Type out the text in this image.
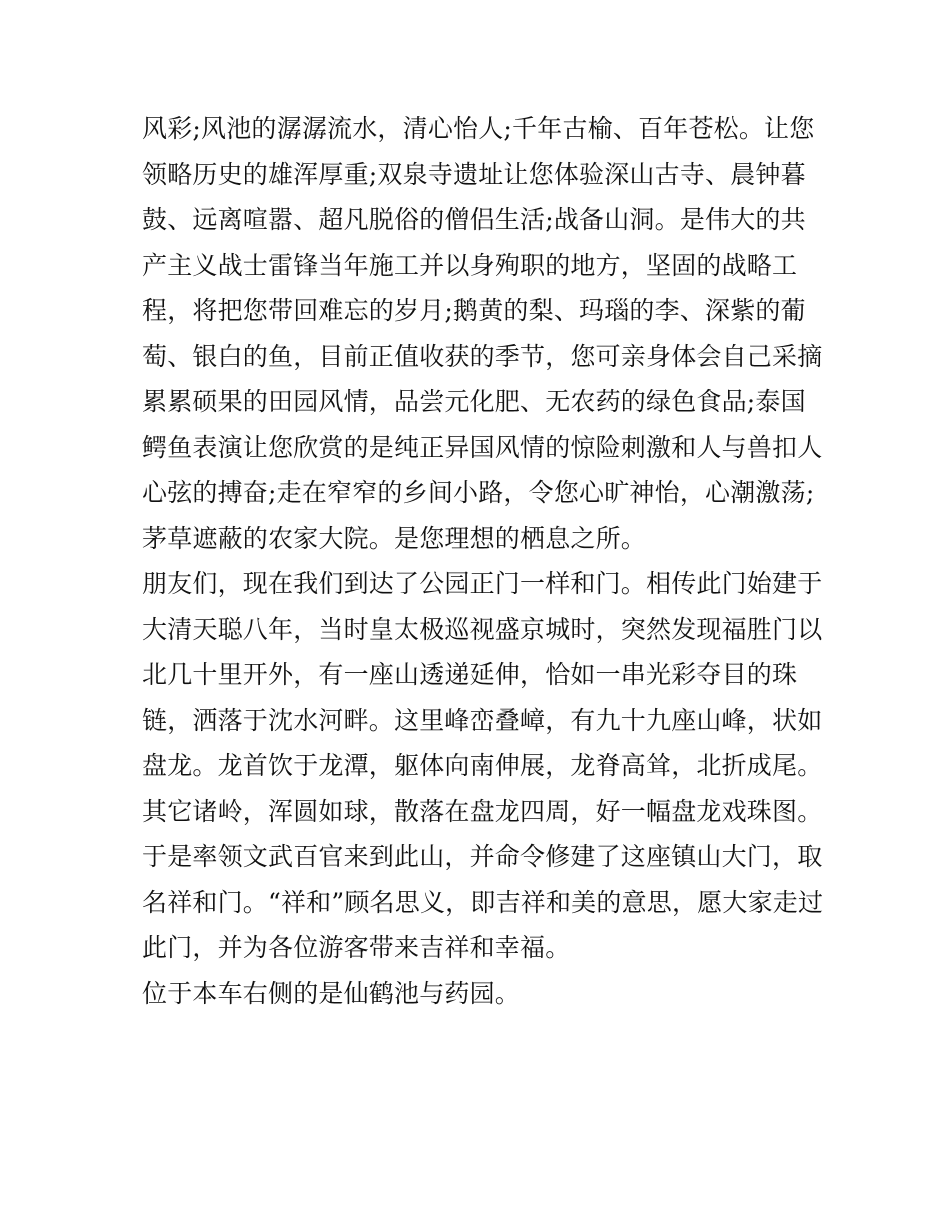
风彩;风池的潺潺流水，清心怡人;千年古榆、百年苍松。让您
领略历史的雄浑厚重;双泉寺遗址让您体验深山古寺、晨钟暮
鼓、远离喧嚣、超凡脱俗的僧侣生活;战备山洞。是伟大的共
产主义战士雷锋当年施工并以身殉职的地方，坚固的战略工
程，将把您带回难忘的岁月;鹅黄的梨、玛瑙的李、深紫的葡
萄、银白的鱼，目前正值收获的季节，您可亲身体会自己采摘
累累硕果的田园风情，品尝元化肥、无农药的绿色食品;泰国
鳄鱼表演让您欣赏的是纯正异国风情的惊险刺激和人与兽扣人
心弦的搏奋;走在窄窄的乡间小路，令您心旷神怡，心潮激荡;
茅草遮蔽的农家大院。是您理想的栖息之所。
朋友们，现在我们到达了公园正门一样和门。相传此门始建于
大清天聪八年，当时皇太极巡视盛京城时，突然发现福胜门以
北几十里开外，有一座山透递延伸，恰如一串光彩夺目的珠
链，洒落于沈水河畔。这里峰峦叠嶂，有九十九座山峰，状如
盘龙。龙首饮于龙潭，躯体向南伸展，龙脊高耸，北折成尾。
其它诸岭，浑圆如球，散落在盘龙四周，好一幅盘龙戏珠图。
于是率领文武百官来到此山，并命令修建了这座镇山大门，取
名祥和门。“祥和”顾名思义，即吉祥和美的意思，愿大家走过
此门，并为各位游客带来吉祥和幸福。
位于本车右侧的是仙鹤池与药园。
